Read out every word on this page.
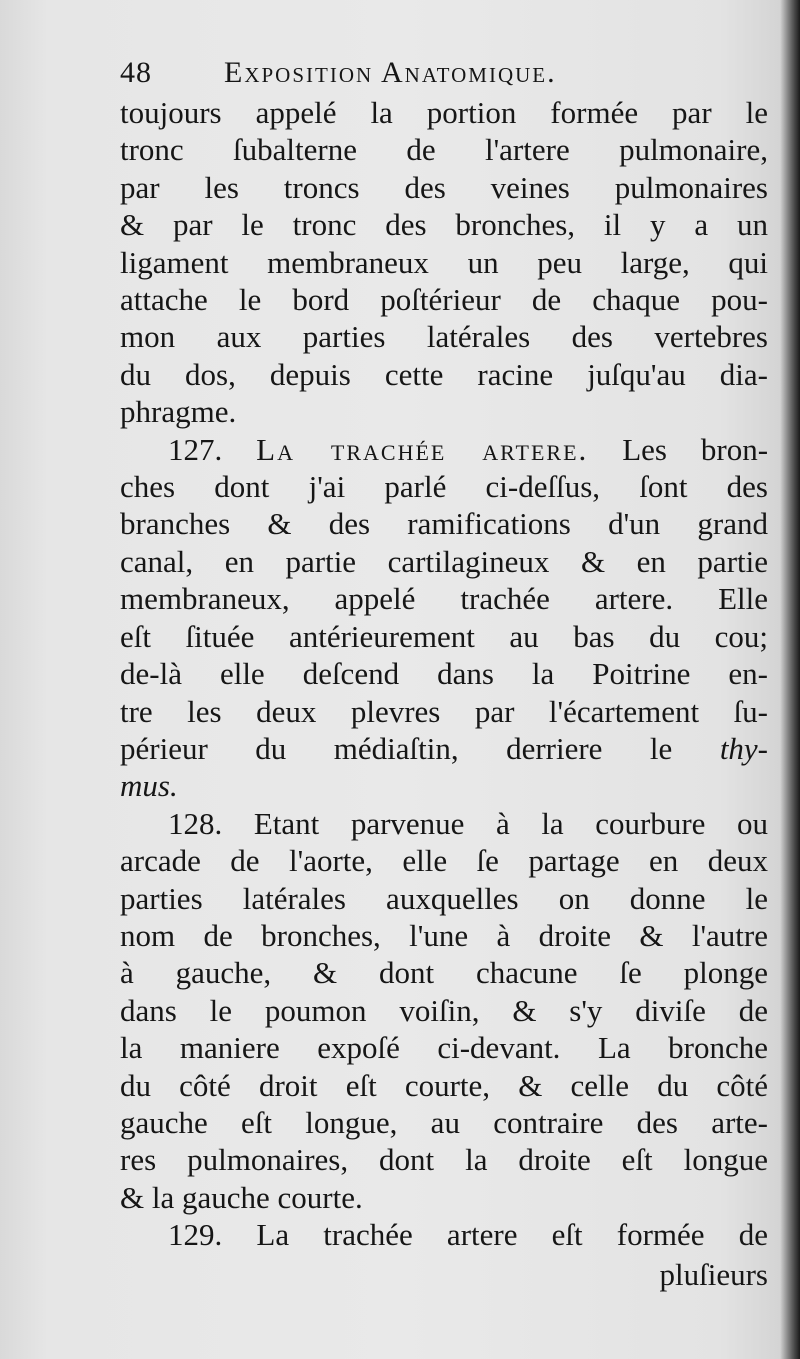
48 Exposition Anatomique.
toujours appelé la portion formée par le
tronc ſubalterne de l'artere pulmonaire,
par les troncs des veines pulmonaires
& par le tronc des bronches, il y a un
ligament membraneux un peu large, qui
attache le bord poſtérieur de chaque pou-
mon aux parties latérales des vertebres
du dos, depuis cette racine juſqu'au dia-
phragme.
127. La trachée artere. Les bron-
ches dont j'ai parlé ci-deſſus, ſont des
branches & des ramifications d'un grand
canal, en partie cartilagineux & en partie
membraneux, appelé trachée artere. Elle
eſt ſituée antérieurement au bas du cou;
de-là elle deſcend dans la Poitrine en-
tre les deux plevres par l'écartement ſu-
périeur du médiaſtin, derriere le thy-
mus.
128. Etant parvenue à la courbure ou
arcade de l'aorte, elle ſe partage en deux
parties latérales auxquelles on donne le
nom de bronches, l'une à droite & l'autre
à gauche, & dont chacune ſe plonge
dans le poumon voiſin, & s'y diviſe de
la maniere expoſé ci-devant. La bronche
du côté droit eſt courte, & celle du côté
gauche eſt longue, au contraire des arte-
res pulmonaires, dont la droite eſt longue
& la gauche courte.
129. La trachée artere eſt formée de
pluſieurs
